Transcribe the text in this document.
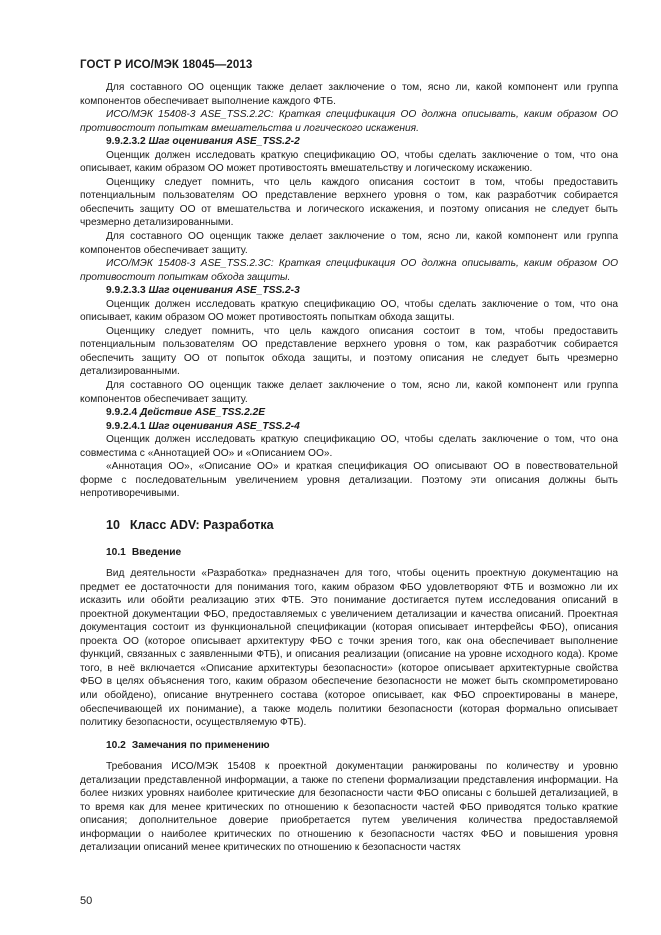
ГОСТ Р ИСО/МЭК 18045—2013

Для составного ОО оценщик также делает заключение о том, ясно ли, какой компонент или группа компонентов обеспечивает выполнение каждого ФТБ.

ИСО/МЭК 15408-3 ASE_TSS.2.2C: Краткая спецификация ОО должна описывать, каким образом ОО противостоит попыткам вмешательства и логического искажения.

9.9.2.3.2 Шаг оценивания ASE_TSS.2-2

Оценщик должен исследовать краткую спецификацию ОО, чтобы сделать заключение о том, что она описывает, каким образом ОО может противостоять вмешательству и логическому искажению.

Оценщику следует помнить, что цель каждого описания состоит в том, чтобы предоставить потенциальным пользователям ОО представление верхнего уровня о том, как разработчик собирается обеспечить защиту ОО от вмешательства и логического искажения, и поэтому описания не следует быть чрезмерно детализированными.

Для составного ОО оценщик также делает заключение о том, ясно ли, какой компонент или группа компонентов обеспечивает защиту.

ИСО/МЭК 15408-3 ASE_TSS.2.3C: Краткая спецификация ОО должна описывать, каким образом ОО противостоит попыткам обхода защиты.

9.9.2.3.3 Шаг оценивания ASE_TSS.2-3

Оценщик должен исследовать краткую спецификацию ОО, чтобы сделать заключение о том, что она описывает, каким образом ОО может противостоять попыткам обхода защиты.

Оценщику следует помнить, что цель каждого описания состоит в том, чтобы предоставить потенциальным пользователям ОО представление верхнего уровня о том, как разработчик собирается обеспечить защиту ОО от попыток обхода защиты, и поэтому описания не следует быть чрезмерно детализированными.

Для составного ОО оценщик также делает заключение о том, ясно ли, какой компонент или группа компонентов обеспечивает защиту.

9.9.2.4 Действие ASE_TSS.2.2E

9.9.2.4.1 Шаг оценивания ASE_TSS.2-4

Оценщик должен исследовать краткую спецификацию ОО, чтобы сделать заключение о том, что она совместима с «Аннотацией ОО» и «Описанием ОО».

«Аннотация ОО», «Описание ОО» и краткая спецификация ОО описывают ОО в повествовательной форме с последовательным увеличением уровня детализации. Поэтому эти описания должны быть непротиворечивыми.

10 Класс ADV: Разработка

10.1 Введение

Вид деятельности «Разработка» предназначен для того, чтобы оценить проектную документацию на предмет ее достаточности для понимания того, каким образом ФБО удовлетворяют ФТБ и возможно ли их исказить или обойти реализацию этих ФТБ. Это понимание достигается путем исследования описаний в проектной документации ФБО, предоставляемых с увеличением детализации и качества описаний. Проектная документация состоит из функциональной спецификации (которая описывает интерфейсы ФБО), описания проекта ОО (которое описывает архитектуру ФБО с точки зрения того, как она обеспечивает выполнение функций, связанных с заявленными ФТБ), и описания реализации (описание на уровне исходного кода). Кроме того, в неё включается «Описание архитектуры безопасности» (которое описывает архитектурные свойства ФБО в целях объяснения того, каким образом обеспечение безопасности не может быть скомпрометировано или обойдено), описание внутреннего состава (которое описывает, как ФБО спроектированы в манере, обеспечивающей их понимание), а также модель политики безопасности (которая формально описывает политику безопасности, осуществляемую ФТБ).

10.2 Замечания по применению

Требования ИСО/МЭК 15408 к проектной документации ранжированы по количеству и уровню детализации представленной информации, а также по степени формализации представления информации. На более низких уровнях наиболее критические для безопасности части ФБО описаны с большей детализацией, в то время как для менее критических по отношению к безопасности частей ФБО приводятся только краткие описания; дополнительное доверие приобретается путем увеличения количества предоставляемой информации о наиболее критических по отношению к безопасности частях ФБО и повышения уровня детализации описаний менее критических по отношению к безопасности частях

50
